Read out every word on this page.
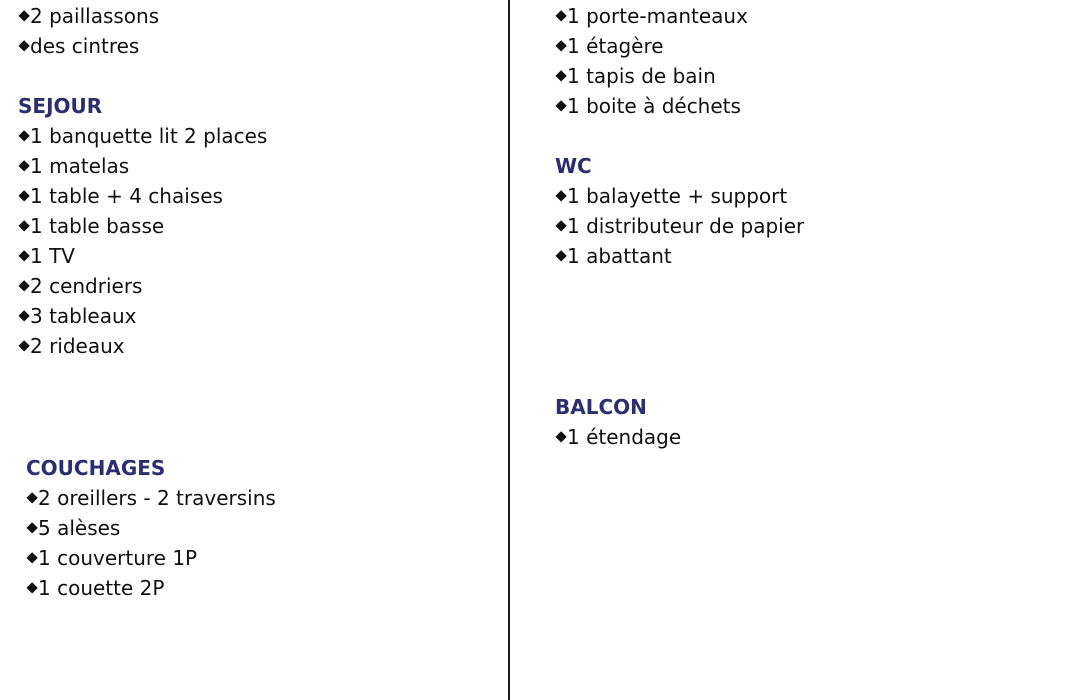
2 paillassons
des cintres
SEJOUR
1 banquette lit 2 places
1 matelas
1 table + 4 chaises
1 table basse
1 TV
2 cendriers
3 tableaux
2 rideaux
COUCHAGES
2 oreillers - 2 traversins
5 alèses
1 couverture 1P
1 couette 2P
1 porte-manteaux
1 étagère
1 tapis de bain
1 boite à déchets
WC
1 balayette + support
1 distributeur de papier
1 abattant
BALCON
1 étendage
